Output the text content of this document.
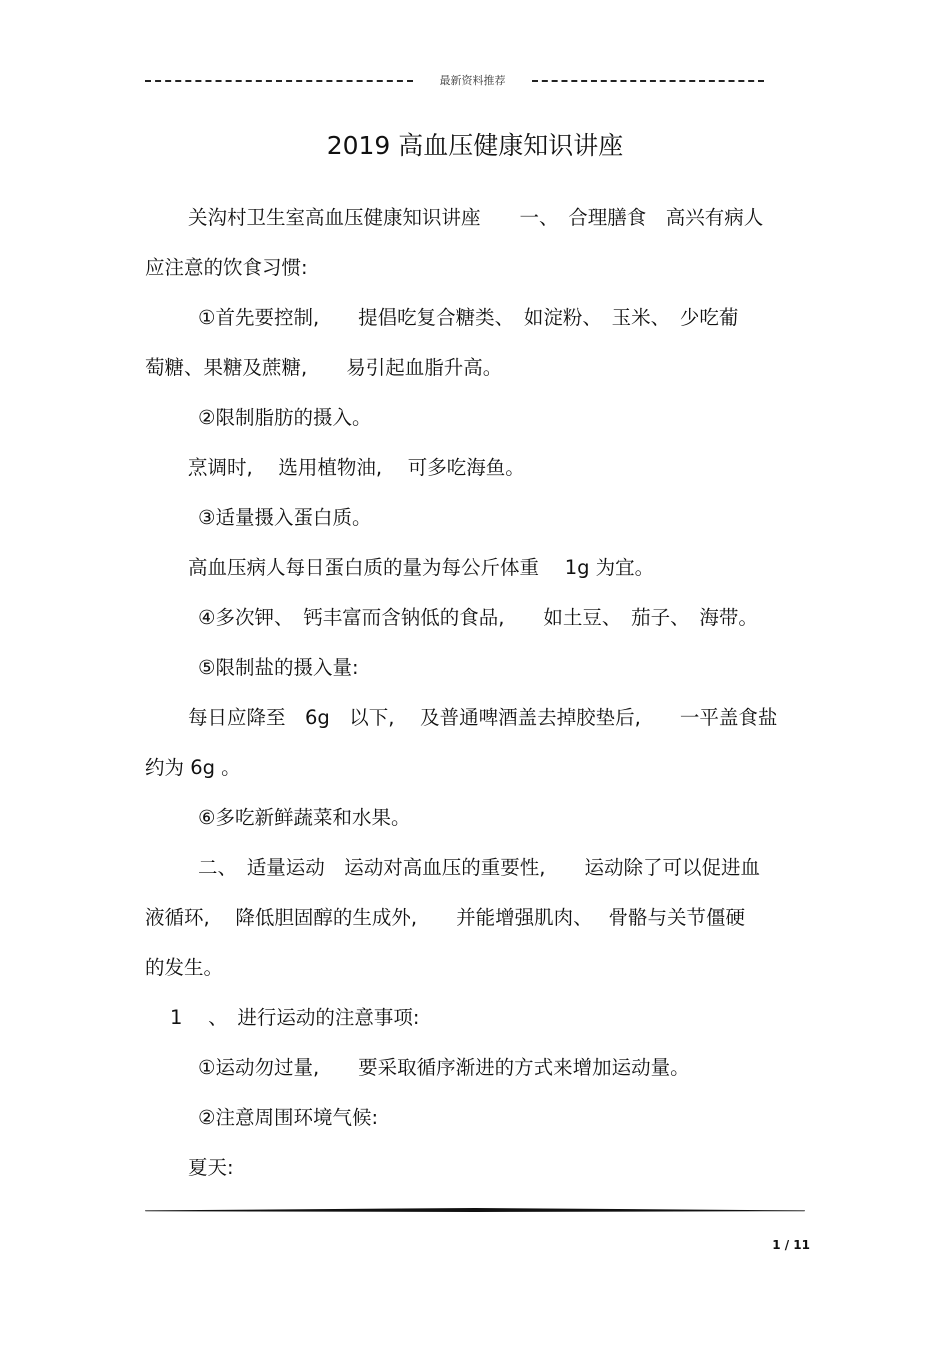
最新资料推荐
2019 高血压健康知识讲座
关沟村卫生室高血压健康知识讲座　　一、　合理膳食　高兴有病人
应注意的饮食习惯:
①首先要控制,　　提倡吃复合糖类、　如淀粉、　玉米、　少吃葡
萄糖、果糖及蔗糖,　　易引起血脂升高。
②限制脂肪的摄入。
烹调时,　 选用植物油,　 可多吃海鱼。
③适量摄入蛋白质。
高血压病人每日蛋白质的量为每公斤体重　 1g 为宜。
④多次钾、　钙丰富而含钠低的食品,　　如土豆、　茄子、　海带。
⑤限制盐的摄入量:
每日应降至　6g　以下,　 及普通啤酒盖去掉胶垫后,　　一平盖食盐
约为 6g 。
⑥多吃新鲜蔬菜和水果。
二、　适量运动　运动对高血压的重要性,　　运动除了可以促进血
液循环,　 降低胆固醇的生成外,　　并能增强肌肉、　 骨骼与关节僵硬
的发生。
1　 、　进行运动的注意事项:
①运动勿过量,　　要采取循序渐进的方式来增加运动量。
②注意周围环境气候:
夏天:
1 / 11
